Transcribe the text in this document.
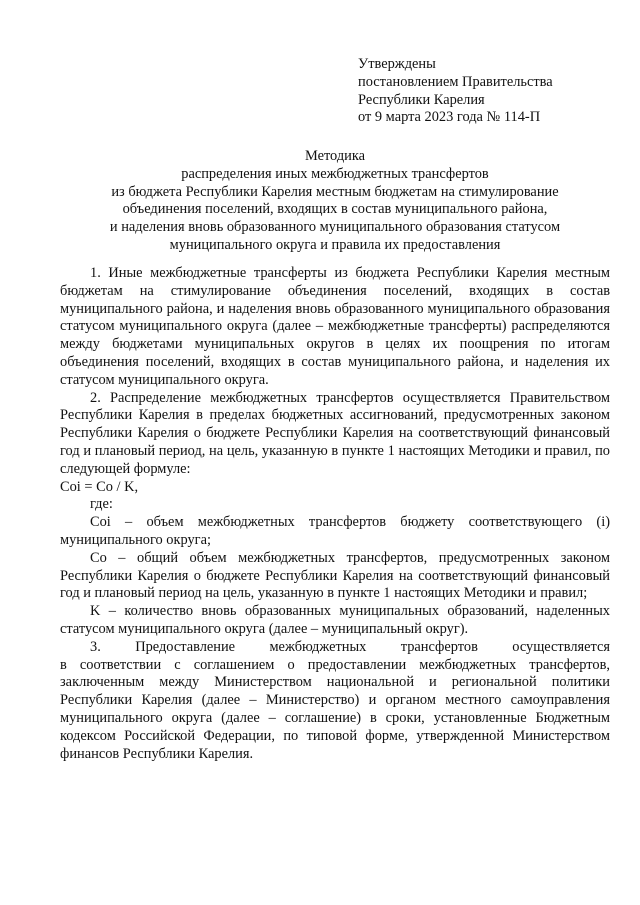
Утверждены
постановлением Правительства
Республики Карелия
от 9 марта 2023 года № 114-П
Методика
распределения иных межбюджетных трансфертов
из бюджета Республики Карелия местным бюджетам на стимулирование
объединения поселений, входящих в состав муниципального района,
и наделения вновь образованного муниципального образования статусом
муниципального округа и правила их предоставления

1. Иные межбюджетные трансферты из бюджета Республики Карелия местным бюджетам на стимулирование объединения поселений, входящих в состав муниципального района, и наделения вновь образованного муниципального образования статусом муниципального округа (далее – межбюджетные трансферты) распределяются между бюджетами муниципальных округов в целях их поощрения по итогам объединения поселений, входящих в состав муниципального района, и наделения их статусом муниципального округа.

2. Распределение межбюджетных трансфертов осуществляется Правительством Республики Карелия в пределах бюджетных ассигнований, предусмотренных законом Республики Карелия о бюджете Республики Карелия на соответствующий финансовый год и плановый период, на цель, указанную в пункте 1 настоящих Методики и правил, по следующей формуле:

Coi = Co / K,

где:

Coi – объем межбюджетных трансфертов бюджету соответствующего (i) муниципального округа;

Co – общий объем межбюджетных трансфертов, предусмотренных законом Республики Карелия о бюджете Республики Карелия на соответствующий финансовый год и плановый период на цель, указанную в пункте 1 настоящих Методики и правил;

K – количество вновь образованных муниципальных образований, наделенных статусом муниципального округа (далее – муниципальный округ).

3. Предоставление межбюджетных трансфертов осуществляется
в соответствии с соглашением о предоставлении межбюджетных трансфертов, заключенным между Министерством национальной и региональной политики Республики Карелия (далее – Министерство) и органом местного самоуправления муниципального округа (далее – соглашение) в сроки, установленные Бюджетным кодексом Российской Федерации, по типовой форме, утвержденной Министерством финансов Республики Карелия.
